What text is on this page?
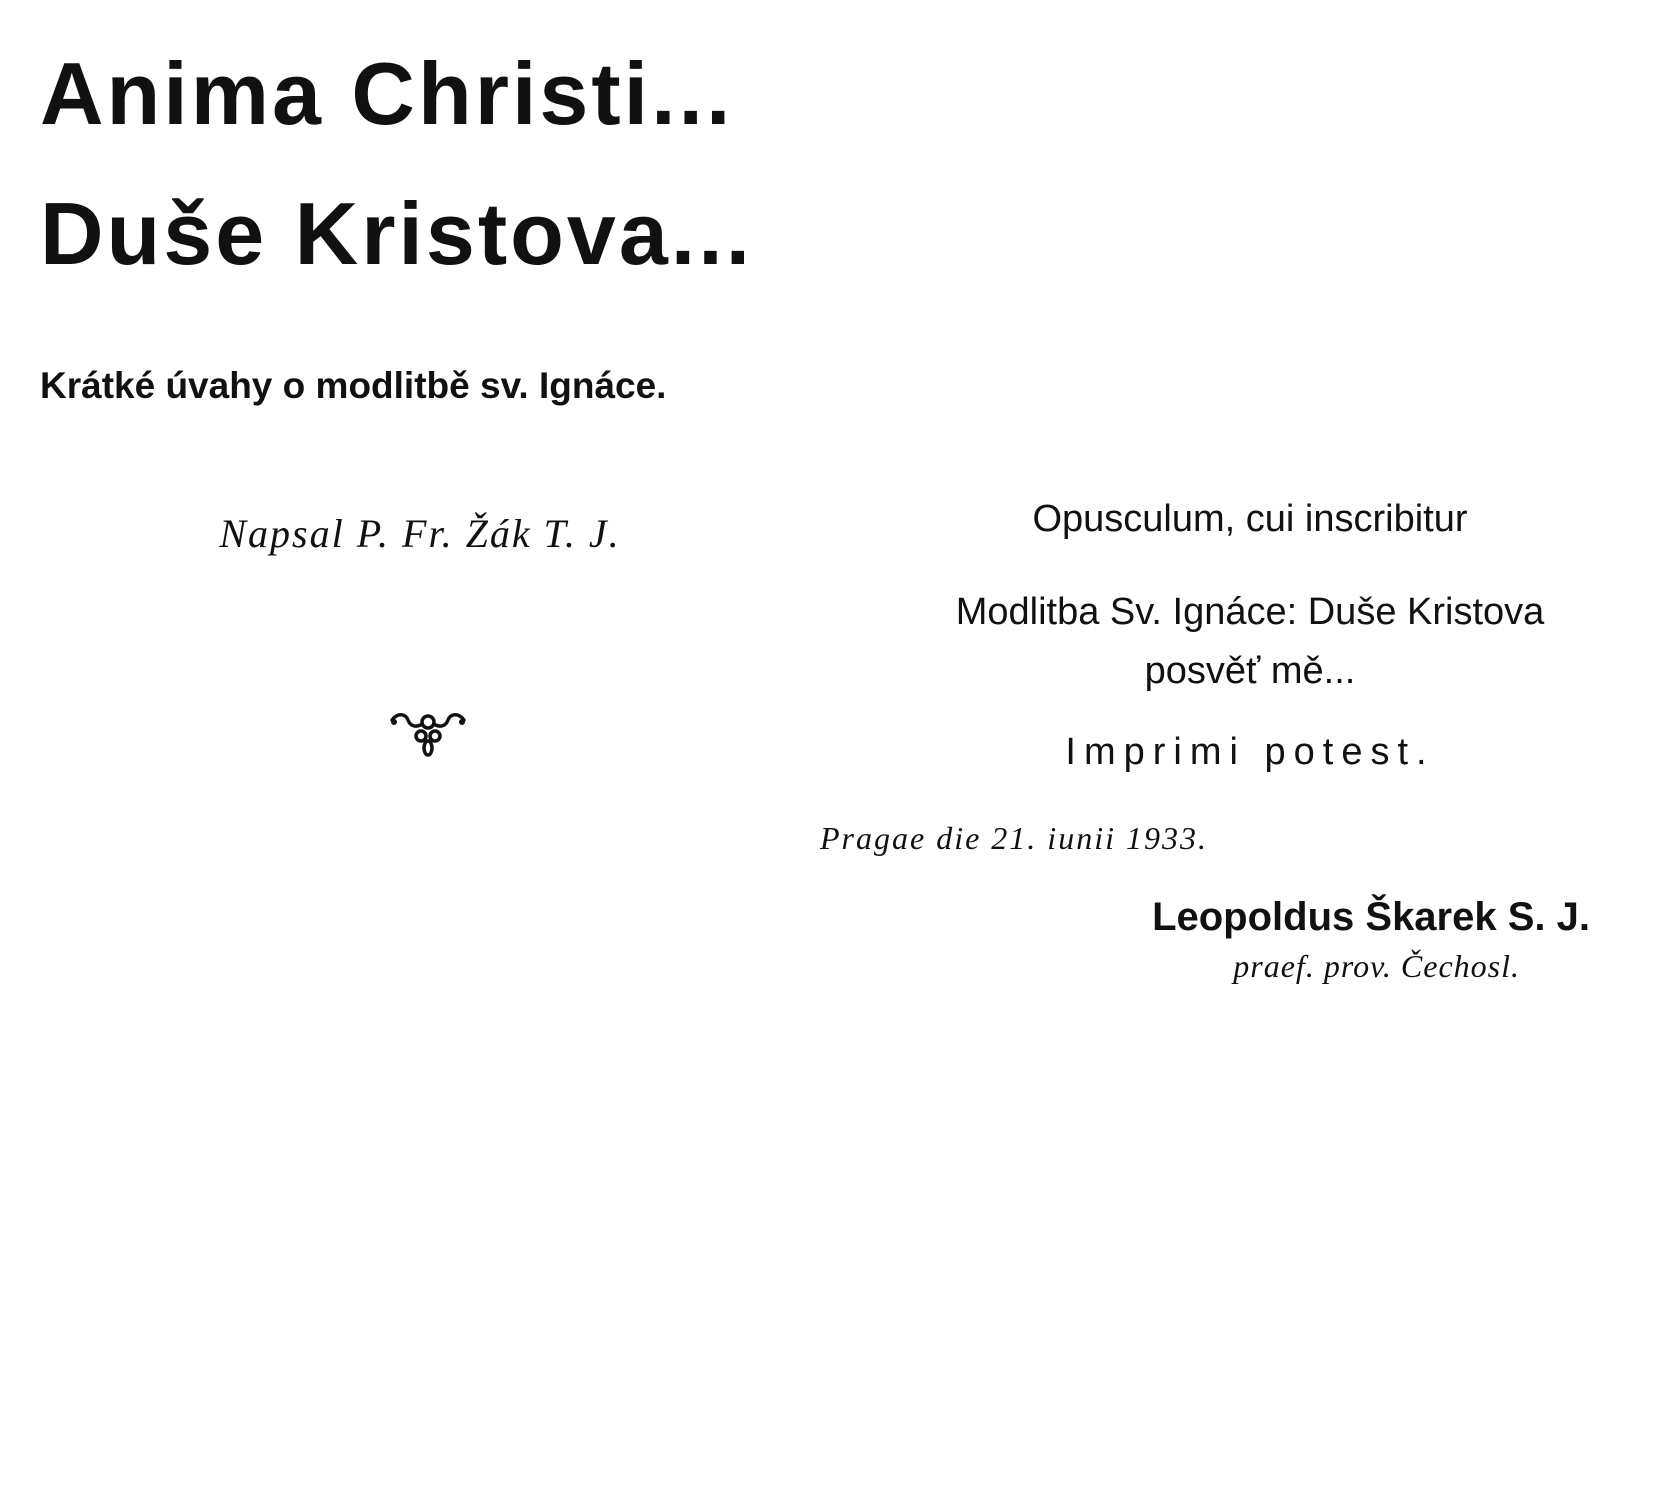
Anima Christi...
Duše Kristova...
Krátké úvahy o modlitbě sv. Ignáce.
Napsal P. Fr. Žák T. J.	Opusculum, cui inscribitur
Modlitba Sv. Ignáce: Duše Kristova
posvěť mě...
Imprimi potest.
Pragae die 21. iunii 1933.
Leopoldus Škarek S. J.
praef. prov. Čechosl.
